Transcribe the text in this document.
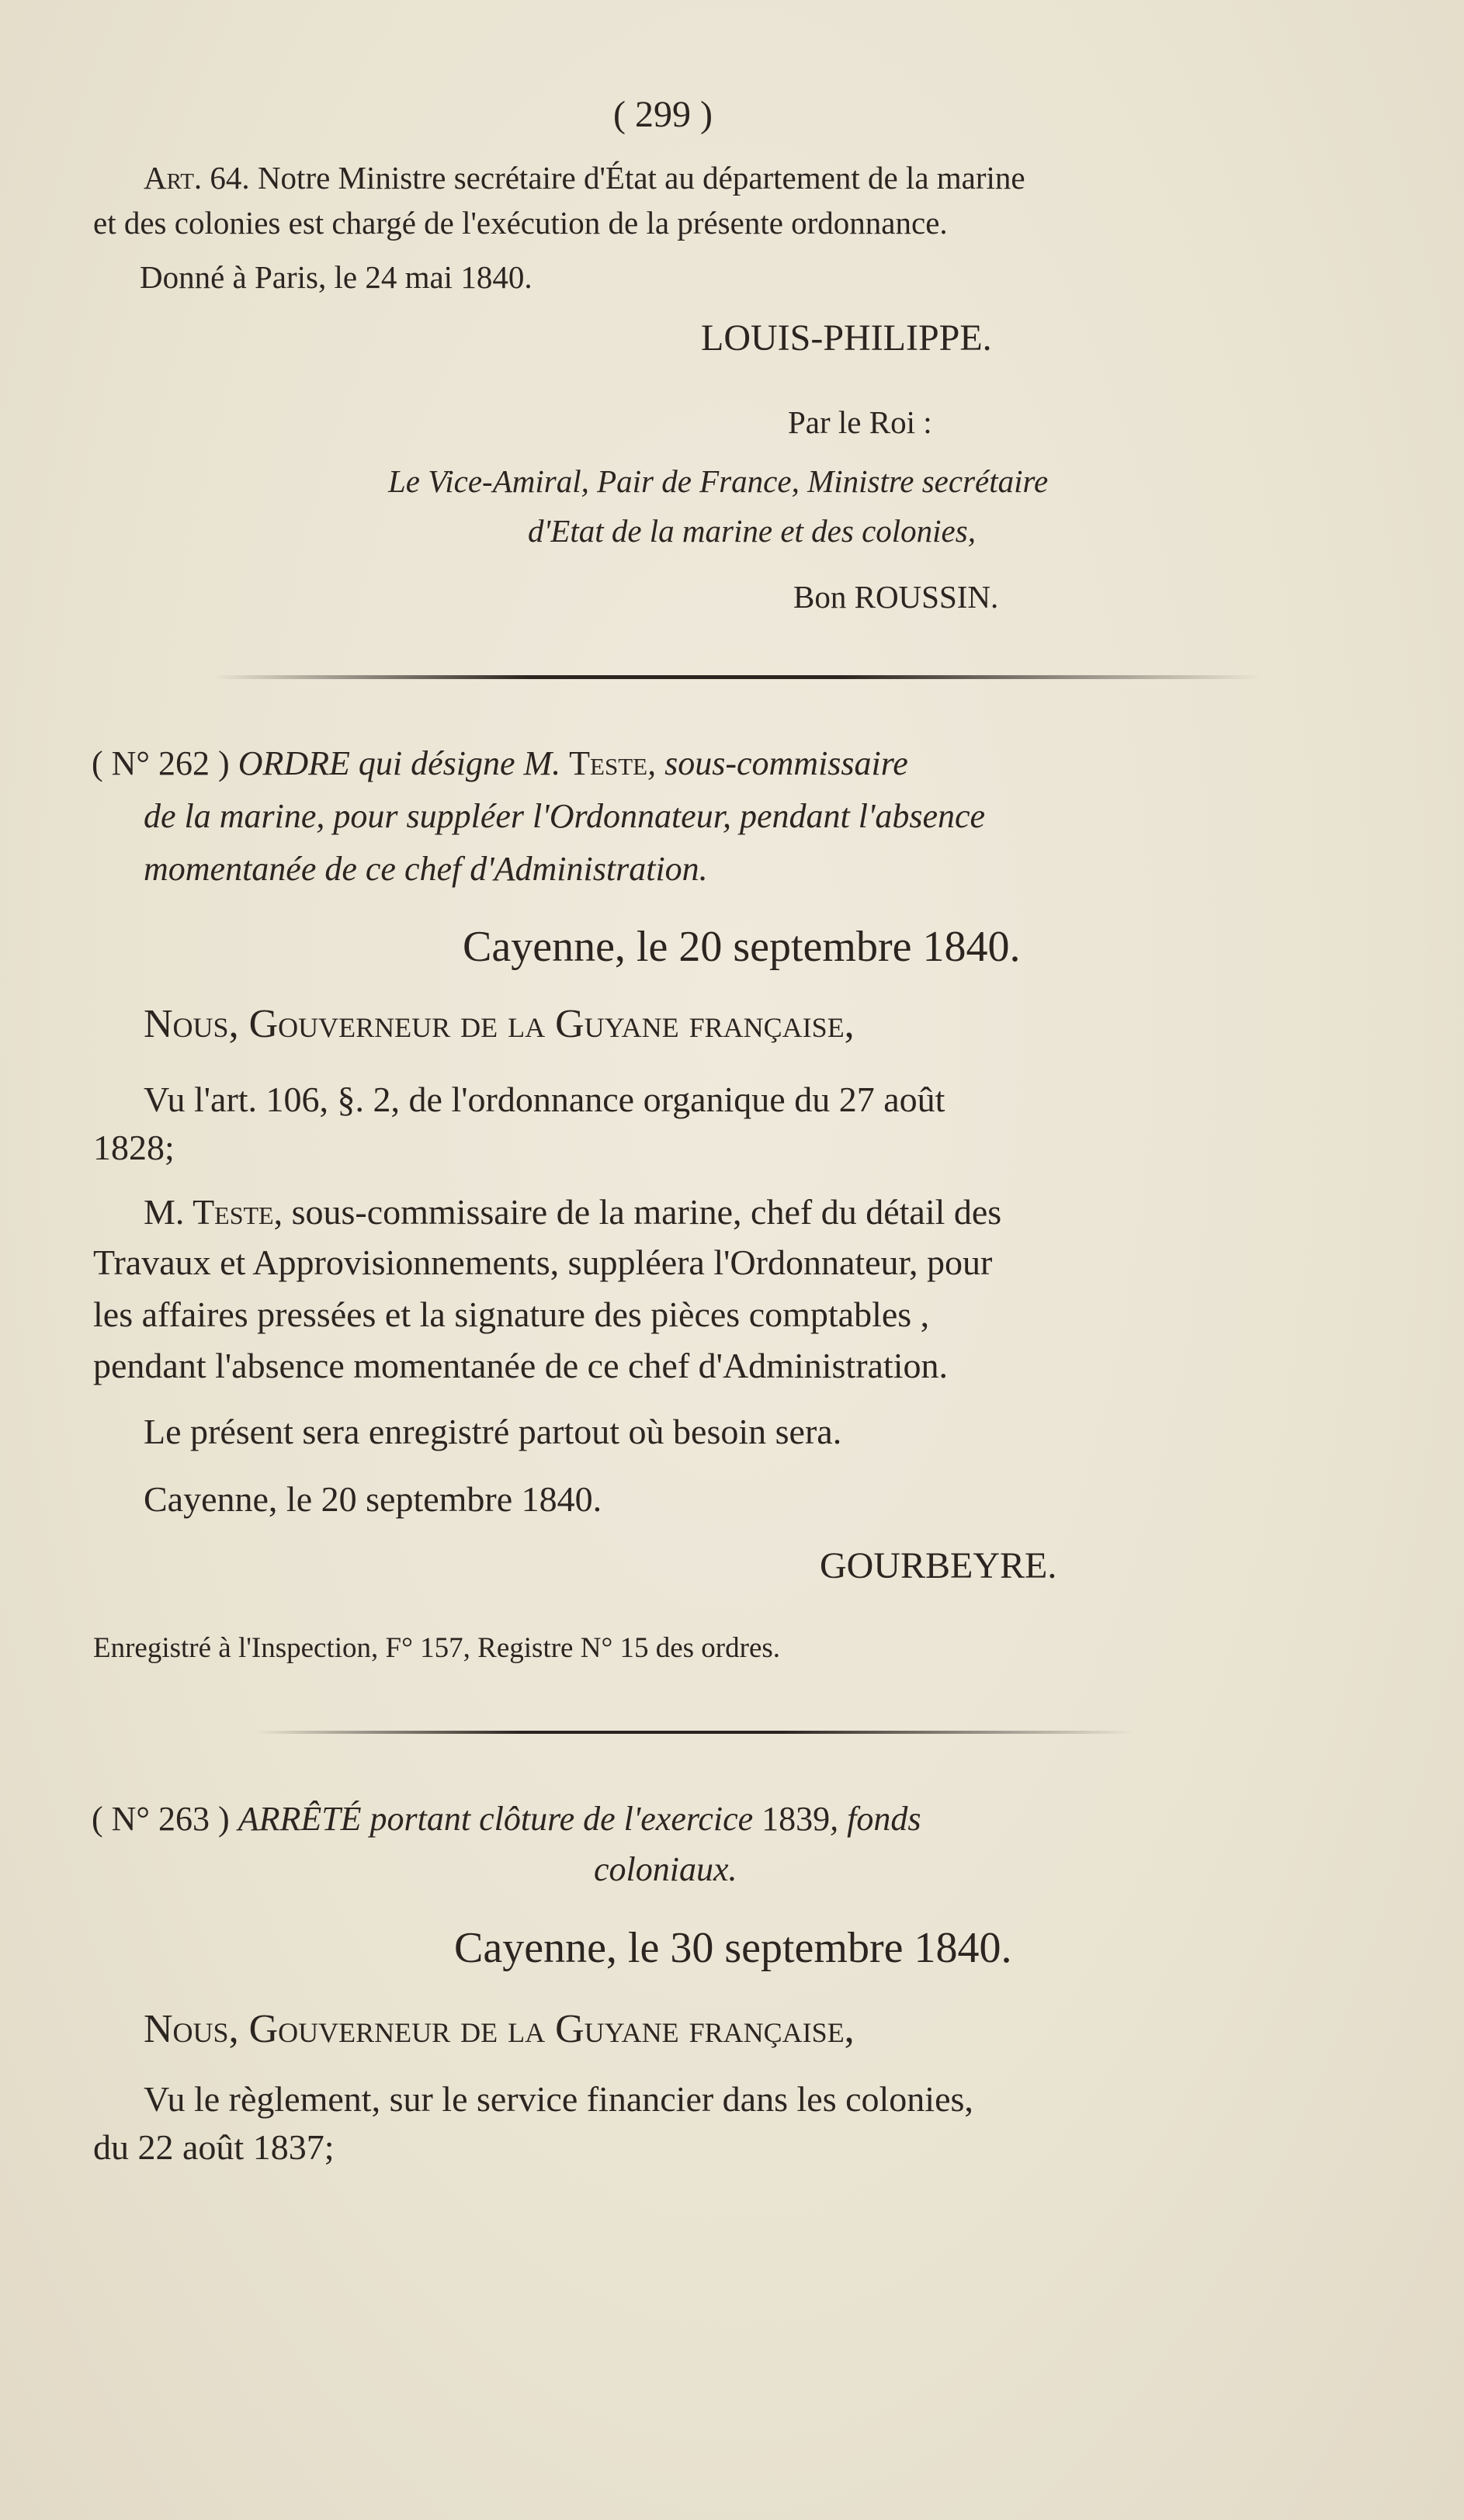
( 299 )
Art. 64. Notre Ministre secrétaire d'État au département de la marine
et des colonies est chargé de l'exécution de la présente ordonnance.
Donné à Paris, le 24 mai 1840.
LOUIS-PHILIPPE.
Par le Roi :
Le Vice-Amiral, Pair de France, Ministre secrétaire
d'Etat de la marine et des colonies,
Bon ROUSSIN.
( N° 262 ) ORDRE qui désigne M. Teste, sous-commissaire
de la marine, pour suppléer l'Ordonnateur, pendant l'absence
momentanée de ce chef d'Administration.
Cayenne, le 20 septembre 1840.
Nous, Gouverneur de la Guyane française,
Vu l'art. 106, §. 2, de l'ordonnance organique du 27 août
1828;
M. Teste, sous-commissaire de la marine, chef du détail des
Travaux et Approvisionnements, suppléera l'Ordonnateur, pour
les affaires pressées et la signature des pièces comptables ,
pendant l'absence momentanée de ce chef d'Administration.
Le présent sera enregistré partout où besoin sera.
Cayenne, le 20 septembre 1840.
GOURBEYRE.
Enregistré à l'Inspection, F° 157, Registre N° 15 des ordres.
( N° 263 ) ARRÊTÉ portant clôture de l'exercice 1839, fonds
coloniaux.
Cayenne, le 30 septembre 1840.
Nous, Gouverneur de la Guyane française,
Vu le règlement, sur le service financier dans les colonies,
du 22 août 1837;
